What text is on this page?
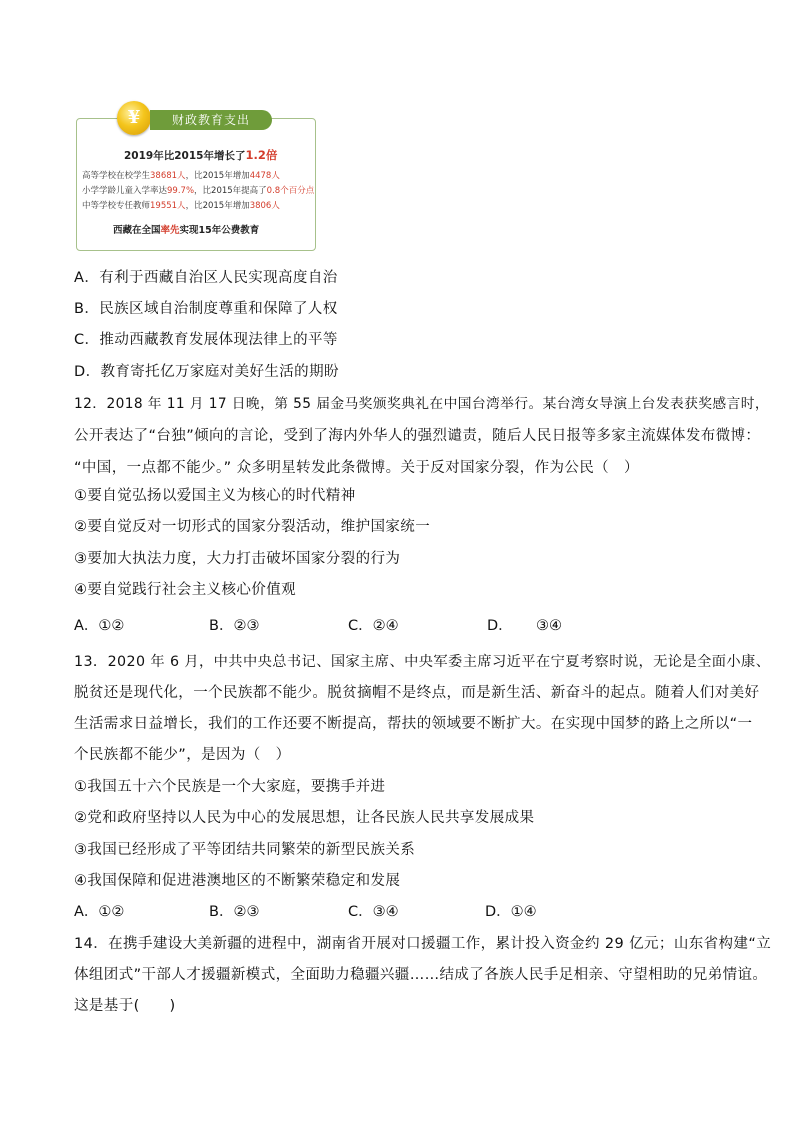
¥	财政教育支出
2019年比2015年增长了1.2倍
高等学校在校学生38681人，比2015年增加4478人
小学学龄儿童入学率达99.7%，比2015年提高了0.8个百分点
中等学校专任教师19551人，比2015年增加3806人
西藏在全国率先实现15年公费教育
A．有利于西藏自治区人民实现高度自治
B．民族区域自治制度尊重和保障了人权
C．推动西藏教育发展体现法律上的平等
D．教育寄托亿万家庭对美好生活的期盼
12．2018 年 11 月 17 日晚，第 55 届金马奖颁奖典礼在中国台湾举行。某台湾女导演上台发表获奖感言时，
公开表达了“台独”倾向的言论，受到了海内外华人的强烈谴责，随后人民日报等多家主流媒体发布微博：
“中国，一点都不能少。” 众多明星转发此条微博。关于反对国家分裂，作为公民（　）
①要自觉弘扬以爱国主义为核心的时代精神
②要自觉反对一切形式的国家分裂活动，维护国家统一
③要加大执法力度，大力打击破坏国家分裂的行为
④要自觉践行社会主义核心价值观
A．①②	B．②③	C．②④	D． ③④
13．2020 年 6 月，中共中央总书记、国家主席、中央军委主席习近平在宁夏考察时说，无论是全面小康、
脱贫还是现代化，一个民族都不能少。脱贫摘帽不是终点，而是新生活、新奋斗的起点。随着人们对美好
生活需求日益增长，我们的工作还要不断提高，帮扶的领域要不断扩大。在实现中国梦的路上之所以“一
个民族都不能少”，是因为（　）
①我国五十六个民族是一个大家庭，要携手并进
②党和政府坚持以人民为中心的发展思想，让各民族人民共享发展成果
③我国已经形成了平等团结共同繁荣的新型民族关系
④我国保障和促进港澳地区的不断繁荣稳定和发展
A．①②	B．②③	C．③④	D．①④
14．在携手建设大美新疆的进程中，湖南省开展对口援疆工作，累计投入资金约 29 亿元；山东省构建“立
体组团式”干部人才援疆新模式，全面助力稳疆兴疆……结成了各族人民手足相亲、守望相助的兄弟情谊。
这是基于(　　)
